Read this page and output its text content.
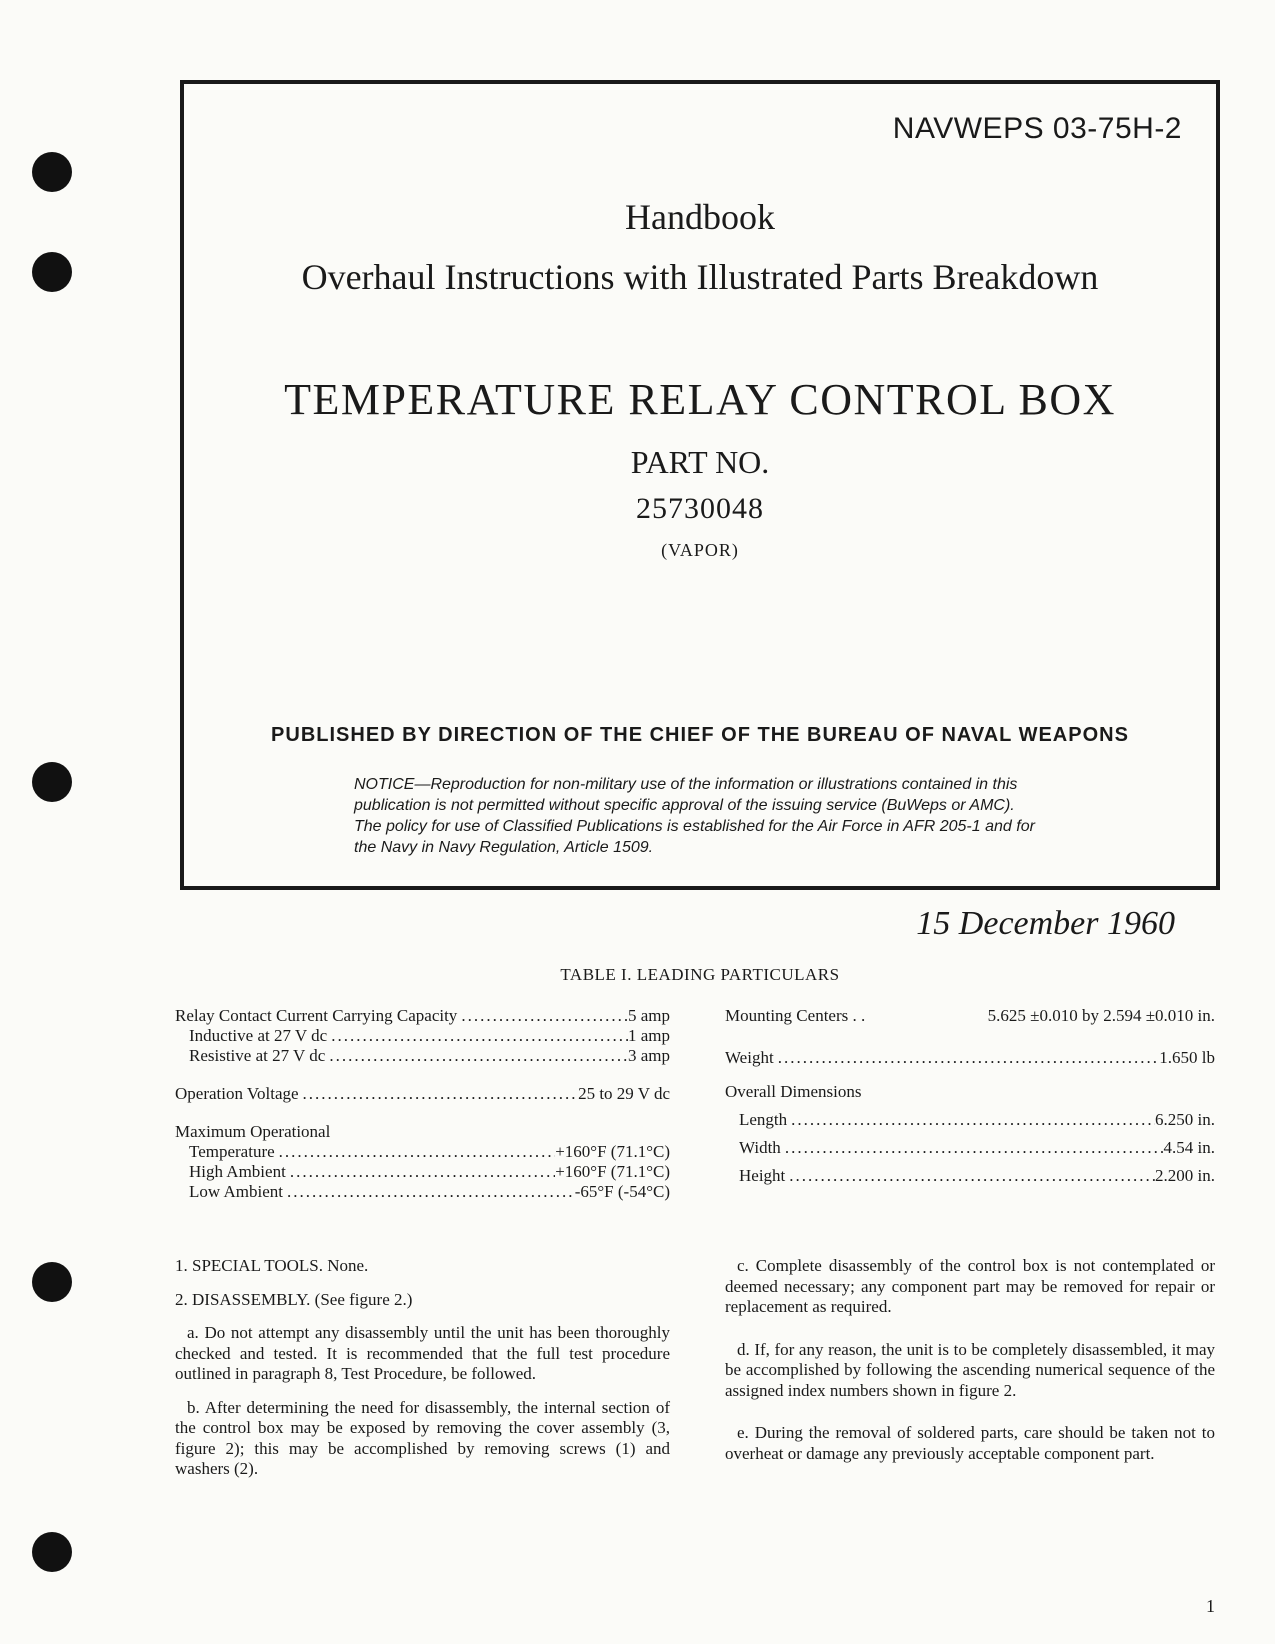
NAVWEPS 03-75H-2
Handbook
Overhaul Instructions with Illustrated Parts Breakdown
TEMPERATURE RELAY CONTROL BOX
PART NO.
25730048
(VAPOR)
PUBLISHED BY DIRECTION OF THE CHIEF OF THE BUREAU OF NAVAL WEAPONS
NOTICE—Reproduction for non-military use of the information or illustrations contained in this publication is not permitted without specific approval of the issuing service (BuWeps or AMC). The policy for use of Classified Publications is established for the Air Force in AFR 205-1 and for the Navy in Navy Regulation, Article 1509.
15 December 1960
TABLE I. LEADING PARTICULARS
Relay Contact Current Carrying Capacity .....	5 amp
Inductive at 27 V dc .....	1 amp
Resistive at 27 V dc .....	3 amp
Operation Voltage .....	25 to 29 V dc
Maximum Operational
Temperature .....	+160°F (71.1°C)
High Ambient .....	+160°F (71.1°C)
Low Ambient .....	-65°F (-54°C)
Mounting Centers . .	5.625 ±0.010 by 2.594 ±0.010 in.
Weight .....	1.650 lb
Overall Dimensions
Length .....	6.250 in.
Width .....	4.54 in.
Height .....	2.200 in.

1. SPECIAL TOOLS. None.

2. DISASSEMBLY. (See figure 2.)

a. Do not attempt any disassembly until the unit has been thoroughly checked and tested. It is recommended that the full test procedure outlined in paragraph 8, Test Procedure, be followed.

b. After determining the need for disassembly, the internal section of the control box may be exposed by removing the cover assembly (3, figure 2); this may be accomplished by removing screws (1) and washers (2).

c. Complete disassembly of the control box is not contemplated or deemed necessary; any component part may be removed for repair or replacement as required.

d. If, for any reason, the unit is to be completely disassembled, it may be accomplished by following the ascending numerical sequence of the assigned index numbers shown in figure 2.

e. During the removal of soldered parts, care should be taken not to overheat or damage any previously acceptable component part.

1
